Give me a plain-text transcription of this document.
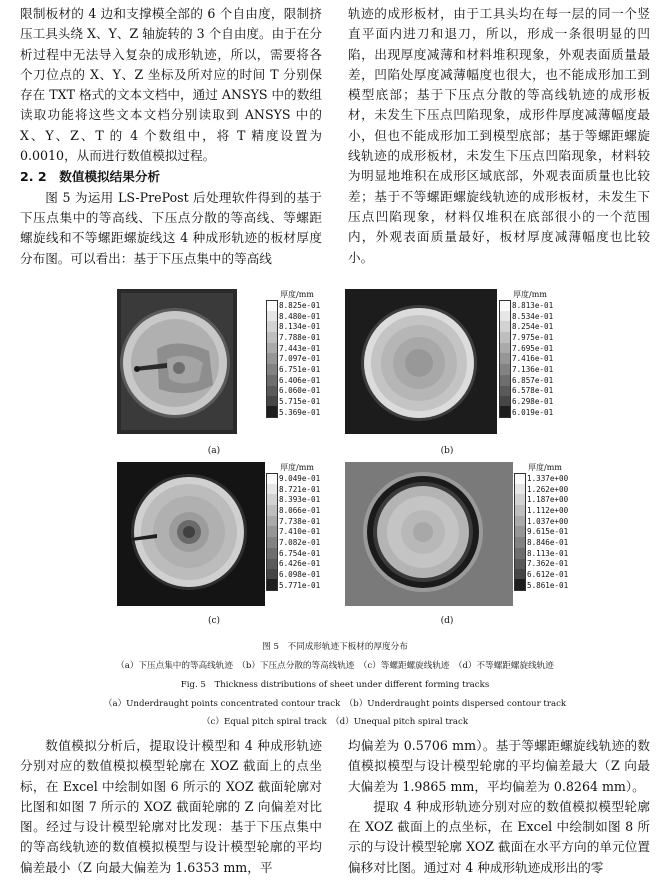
限制板材的 4 边和支撑模全部的 6 个自由度，限制挤压工具头绕 X、Y、Z 轴旋转的 3 个自由度。由于在分析过程中无法导入复杂的成形轨迹，所以，需要将各个刀位点的 X、Y、Z 坐标及所对应的时间 T 分别保存在 TXT 格式的文本文档中，通过 ANSYS 中的数组读取功能将这些文本文档分别读取到 ANSYS 中的 X、Y、Z、T 的 4 个数组中，将 T 精度设置为 0.0010，从而进行数值模拟过程。

2. 2　数值模拟结果分析

图 5 为运用 LS-PrePost 后处理软件得到的基于下压点集中的等高线、下压点分散的等高线、等螺距螺旋线和不等螺距螺旋线这 4 种成形轨迹的板材厚度分布图。可以看出：基于下压点集中的等高线

轨迹的成形板材，由于工具头均在每一层的同一个竖直平面内进刀和退刀，所以，形成一条很明显的凹陷，出现厚度减薄和材料堆积现象，外观表面质量最差，凹陷处厚度减薄幅度也很大，也不能成形加工到模型底部；基于下压点分散的等高线轨迹的成形板材，未发生下压点凹陷现象，成形件厚度减薄幅度最小，但也不能成形加工到模型底部；基于等螺距螺旋线轨迹的成形板材，未发生下压点凹陷现象，材料较为明显地堆积在成形区域底部，外观表面质量也比较差；基于不等螺距螺旋线轨迹的成形板材，未发生下压点凹陷现象，材料仅堆积在底部很小的一个范围内，外观表面质量最好，板材厚度减薄幅度也比较小。

厚度/mm
8.825e-01
8.480e-01
8.134e-01
7.788e-01
7.443e-01
7.097e-01
6.751e-01
6.406e-01
6.060e-01
5.715e-01
5.369e-01
(a)
厚度/mm
8.813e-01
8.534e-01
8.254e-01
7.975e-01
7.695e-01
7.416e-01
7.136e-01
6.857e-01
6.578e-01
6.298e-01
6.019e-01
(b)
厚度/mm
9.049e-01
8.721e-01
8.393e-01
8.066e-01
7.738e-01
7.410e-01
7.082e-01
6.754e-01
6.426e-01
6.098e-01
5.771e-01
(c)
厚度/mm
1.337e+00
1.262e+00
1.187e+00
1.112e+00
1.037e+00
9.615e-01
8.846e-01
8.113e-01
7.362e-01
6.612e-01
5.861e-01
(d)
图 5　不同成形轨迹下板材的厚度分布
（a）下压点集中的等高线轨迹　（b）下压点分散的等高线轨迹　（c）等螺距螺旋线轨迹　（d）不等螺距螺旋线轨迹
Fig. 5　Thickness distributions of sheet under different forming tracks
（a）Underdraught points concentrated contour track　（b）Underdraught points dispersed contour track
（c）Equal pitch spiral track　（d）Unequal pitch spiral track

数值模拟分析后，提取设计模型和 4 种成形轨迹分别对应的数值模拟模型轮廓在 XOZ 截面上的点坐标，在 Excel 中绘制如图 6 所示的 XOZ 截面轮廓对比图和如图 7 所示的 XOZ 截面轮廓的 Z 向偏差对比图。经过与设计模型轮廓对比发现：基于下压点集中的等高线轨迹的数值模拟模型与设计模型轮廓的平均偏差最小（Z 向最大偏差为 1.6353 mm，平

均偏差为 0.5706 mm）。基于等螺距螺旋线轨迹的数值模拟模型与设计模型轮廓的平均偏差最大（Z 向最大偏差为 1.9865 mm，平均偏差为 0.8264 mm）。

提取 4 种成形轨迹分别对应的数值模拟模型轮廓在 XOZ 截面上的点坐标，在 Excel 中绘制如图 8 所示的与设计模型轮廓 XOZ 截面在水平方向的单元位置偏移对比图。通过对 4 种成形轨迹成形出的零
